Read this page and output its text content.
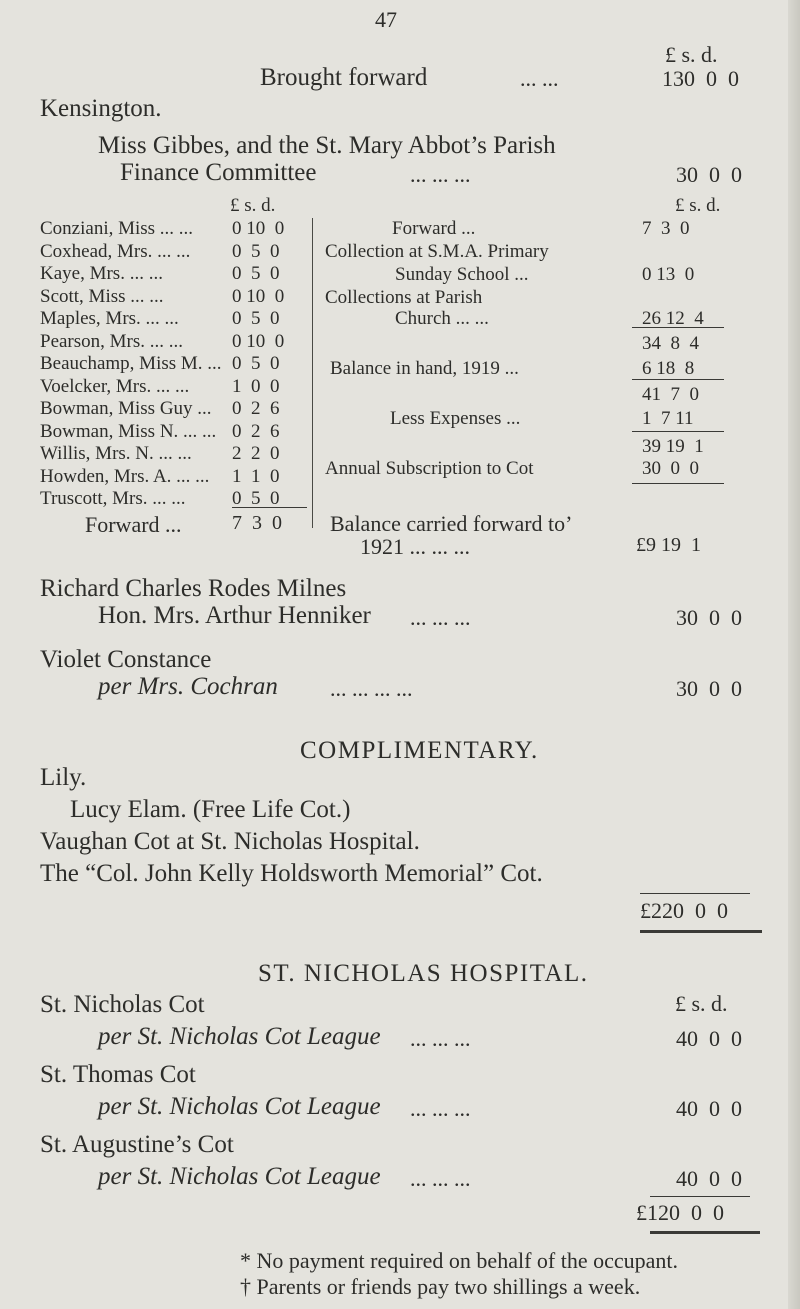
47
£ s. d.
Brought forward	... ...	130  0  0
Kensington.
Miss Gibbes, and the St. Mary Abbot’s Parish
Finance Committee	... ... ...	30  0  0
£ s. d.
Conziani, Miss ... ... 0 10  0
Coxhead, Mrs. ... ... 0  5  0
Kaye, Mrs. ... ...	0  5  0
Scott, Miss ... ...	0 10  0
Maples, Mrs. ... ...	0  5  0
Pearson, Mrs. ... ...	0 10  0
Beauchamp, Miss M. ... 0  5  0
Voelcker, Mrs. ... ... 1  0  0
Bowman, Miss Guy ... 0  2  6
Bowman, Miss N. ... ... 0  2  6
Willis, Mrs. N. ... ... 2  2  0
Howden, Mrs. A. ... ... 1  1  0
Truscott, Mrs. ... ... 0  5  0
Forward ...	7  3  0
£ s. d.
Forward ...	7  3  0
Collection at S.M.A. Primary
Sunday School ...	0 13  0
Collections at Parish
Church ... ...	26 12  4
34  8  4
Balance in hand, 1919 ...	6 18  8
41  7  0
Less Expenses ...	1  7 11
39 19  1
Annual Subscription to Cot	30  0  0
Balance carried forward to’
1921 ... ... ...	£9 19  1
Richard Charles Rodes Milnes
Hon. Mrs. Arthur Henniker ... ... ...	30  0  0
Violet Constance
per Mrs. Cochran ... ... ... ...	30  0  0
COMPLIMENTARY.
Lily.
Lucy Elam. (Free Life Cot.)
Vaughan Cot at St. Nicholas Hospital.
The “Col. John Kelly Holdsworth Memorial” Cot.
£220  0  0
ST. NICHOLAS HOSPITAL.
£ s. d.
St. Nicholas Cot
per St. Nicholas Cot League ... ... ...	40  0  0
St. Thomas Cot
per St. Nicholas Cot League ... ... ...	40  0  0
St. Augustine’s Cot
per St. Nicholas Cot League ... ... ...	40  0  0
£120  0  0
* No payment required on behalf of the occupant.
† Parents or friends pay two shillings a week.
